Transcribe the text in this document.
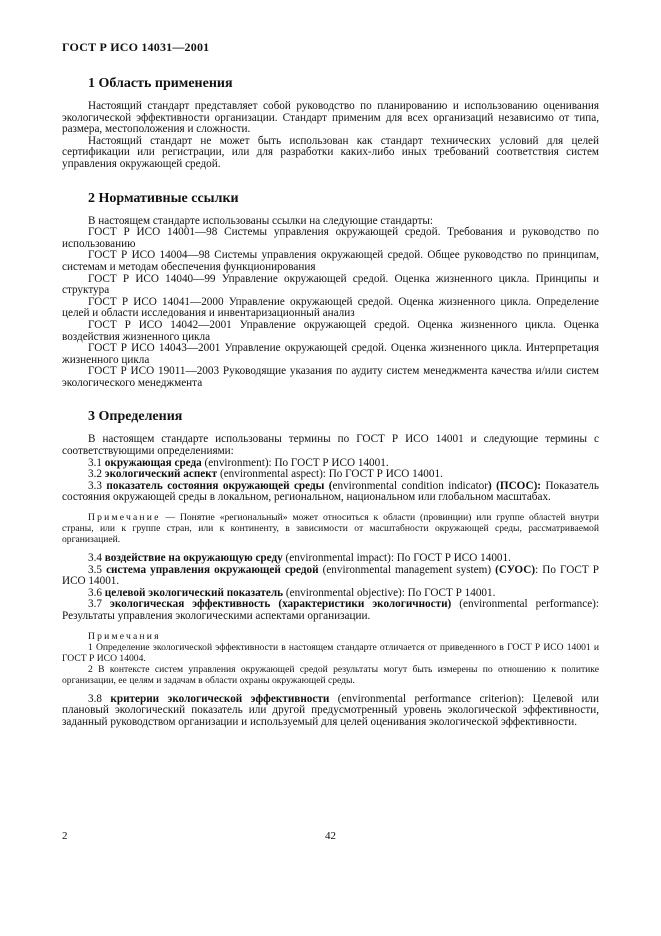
ГОСТ Р ИСО 14031—2001
1 Область применения

Настоящий стандарт представляет собой руководство по планированию и использованию оценивания экологической эффективности организации. Стандарт применим для всех организаций независимо от типа, размера, местоположения и сложности.

Настоящий стандарт не может быть использован как стандарт технических условий для целей сертификации или регистрации, или для разработки каких-либо иных требований соответствия систем управления окружающей средой.

2 Нормативные ссылки

В настоящем стандарте использованы ссылки на следующие стандарты:

ГОСТ Р ИСО 14001—98 Системы управления окружающей средой. Требования и руководство по использованию

ГОСТ Р ИСО 14004—98 Системы управления окружающей средой. Общее руководство по принципам, системам и методам обеспечения функционирования

ГОСТ Р ИСО 14040—99 Управление окружающей средой. Оценка жизненного цикла. Принципы и структура

ГОСТ Р ИСО 14041—2000 Управление окружающей средой. Оценка жизненного цикла. Определение целей и области исследования и инвентаризационный анализ

ГОСТ Р ИСО 14042—2001 Управление окружающей средой. Оценка жизненного цикла. Оценка воздействия жизненного цикла

ГОСТ Р ИСО 14043—2001 Управление окружающей средой. Оценка жизненного цикла. Интерпретация жизненного цикла

ГОСТ Р ИСО 19011—2003 Руководящие указания по аудиту систем менеджмента качества и/или систем экологического менеджмента

3 Определения

В настоящем стандарте использованы термины по ГОСТ Р ИСО 14001 и следующие термины с соответствующими определениями:

3.1 окружающая среда (environment): По ГОСТ Р ИСО 14001.

3.2 экологический аспект (environmental aspect): По ГОСТ Р ИСО 14001.

3.3 показатель состояния окружающей среды (environmental condition indicator) (ПСОС): Показатель состояния окружающей среды в локальном, региональном, национальном или глобальном масштабах.

Примечание — Понятие «региональный» может относиться к области (провинции) или группе областей внутри страны, или к группе стран, или к континенту, в зависимости от масштабности окружающей среды, рассматриваемой организацией.

3.4 воздействие на окружающую среду (environmental impact): По ГОСТ Р ИСО 14001.

3.5 система управления окружающей средой (environmental management system) (СУОС): По ГОСТ Р ИСО 14001.

3.6 целевой экологический показатель (environmental objective): По ГОСТ Р 14001.

3.7 экологическая эффективность (характеристики экологичности) (environmental performance): Результаты управления экологическими аспектами организации.

Примечания

1 Определение экологической эффективности в настоящем стандарте отличается от приведенного в ГОСТ Р ИСО 14001 и ГОСТ Р ИСО 14004.

2 В контексте систем управления окружающей средой результаты могут быть измерены по отношению к политике организации, ее целям и задачам в области охраны окружающей среды.

3.8 критерии экологической эффективности (environmental performance criterion): Целевой или плановый экологический показатель или другой предусмотренный уровень экологической эффективности, заданный руководством организации и используемый для целей оценивания экологической эффективности.

2	42
